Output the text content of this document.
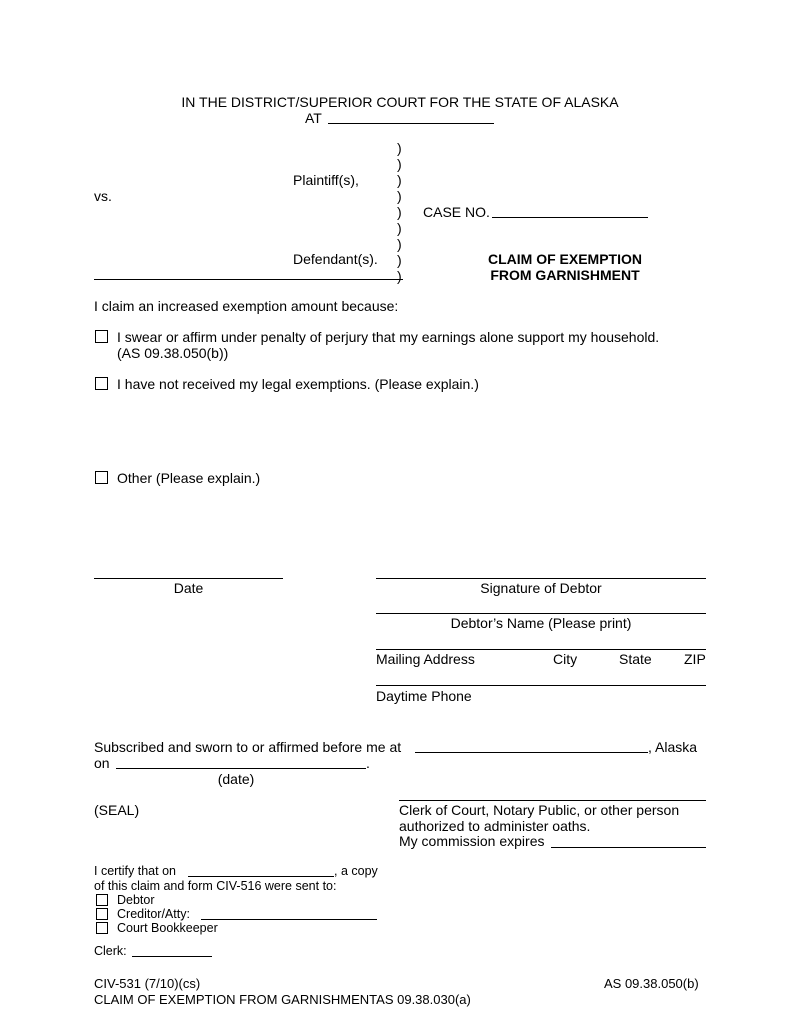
IN THE DISTRICT/SUPERIOR COURT FOR THE STATE OF ALASKA
AT
)
)
)
)
)
)
)
)
)
Plaintiff(s),
vs.
CASE NO.
Defendant(s).	CLAIM OF EXEMPTION
FROM GARNISHMENT
I claim an increased exemption amount because:
I swear or affirm under penalty of perjury that my earnings alone support my household.
(AS 09.38.050(b))
I have not received my legal exemptions. (Please explain.)
Other (Please explain.)
Date	Signature of Debtor
Debtor’s Name (Please print)
Mailing Address	City	State ZIP
Daytime Phone
Subscribed and sworn to or affirmed before me at	, Alaska
on	.
(date)
(SEAL)	Clerk of Court, Notary Public, or other person
authorized to administer oaths.
My commission expires
I certify that on	, a copy
of this claim and form CIV-516 were sent to:
Debtor
Creditor/Atty:
Court Bookkeeper
Clerk:
CIV-531 (7/10)(cs)
CLAIM OF EXEMPTION FROM GARNISHMENTAS 09.38.030(a)
AS 09.38.050(b)
